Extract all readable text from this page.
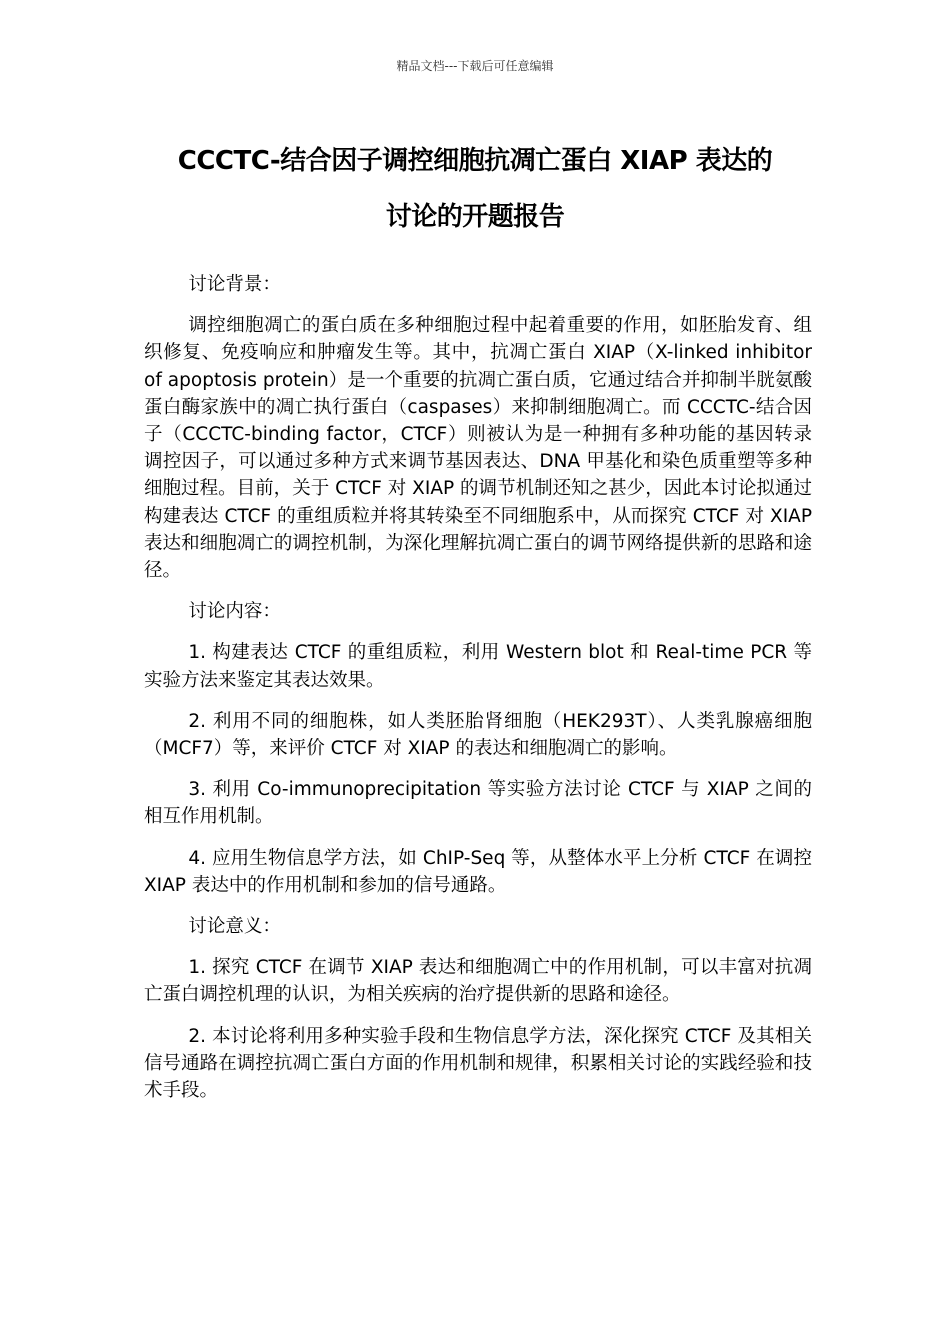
精品文档---下载后可任意编辑
CCCTC-结合因子调控细胞抗凋亡蛋白 XIAP 表达的
讨论的开题报告

讨论背景：

调控细胞凋亡的蛋白质在多种细胞过程中起着重要的作用，如胚胎发育、组织修复、免疫响应和肿瘤发生等。其中，抗凋亡蛋白 XIAP（X-linked inhibitor of apoptosis protein）是一个重要的抗凋亡蛋白质，它通过结合并抑制半胱氨酸蛋白酶家族中的凋亡执行蛋白（caspases）来抑制细胞凋亡。而 CCCTC-结合因子（CCCTC-binding factor，CTCF）则被认为是一种拥有多种功能的基因转录调控因子，可以通过多种方式来调节基因表达、DNA 甲基化和染色质重塑等多种细胞过程。目前，关于 CTCF 对 XIAP 的调节机制还知之甚少，因此本讨论拟通过构建表达 CTCF 的重组质粒并将其转染至不同细胞系中，从而探究 CTCF 对 XIAP 表达和细胞凋亡的调控机制，为深化理解抗凋亡蛋白的调节网络提供新的思路和途径。

讨论内容：

1. 构建表达 CTCF 的重组质粒，利用 Western blot 和 Real-time PCR 等实验方法来鉴定其表达效果。

2. 利用不同的细胞株，如人类胚胎肾细胞（HEK293T）、人类乳腺癌细胞（MCF7）等，来评价 CTCF 对 XIAP 的表达和细胞凋亡的影响。

3. 利用 Co-immunoprecipitation 等实验方法讨论 CTCF 与 XIAP 之间的相互作用机制。

4. 应用生物信息学方法，如 ChIP-Seq 等，从整体水平上分析 CTCF 在调控 XIAP 表达中的作用机制和参加的信号通路。

讨论意义：

1. 探究 CTCF 在调节 XIAP 表达和细胞凋亡中的作用机制，可以丰富对抗凋亡蛋白调控机理的认识，为相关疾病的治疗提供新的思路和途径。

2. 本讨论将利用多种实验手段和生物信息学方法，深化探究 CTCF 及其相关信号通路在调控抗凋亡蛋白方面的作用机制和规律，积累相关讨论的实践经验和技术手段。
